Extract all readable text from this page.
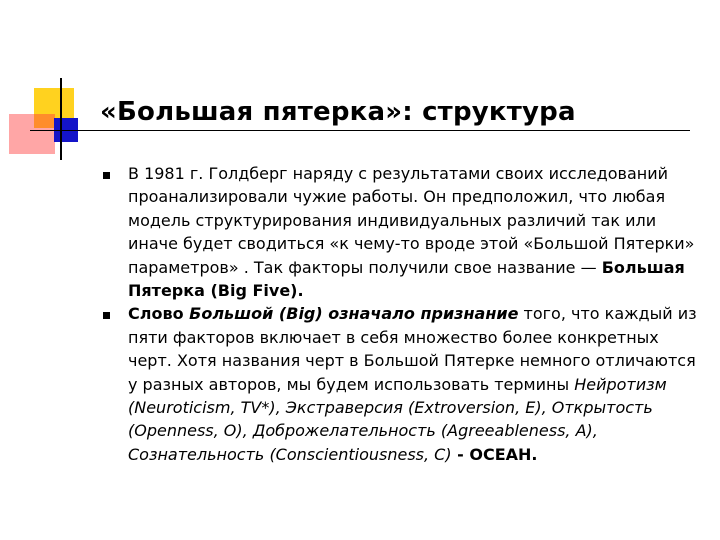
«Большая пятерка»: структура
В 1981 г. Голдберг наряду с результатами своих исследований проанализировали чужие работы. Он предположил, что любая модель структурирования индивидуальных различий так или иначе будет сводиться «к чему-то вроде этой «Большой Пятерки» параметров» . Так факторы получили свое название — Большая Пятерка (Big Five).
Слово Большой (Big) означало признание того, что каждый из пяти факторов включает в себя множество более конкретных черт. Хотя названия черт в Большой Пятерке немного отличаются у разных авторов, мы будем использовать термины Нейротизм (Neuroticism, TV*), Экстраверсия (Extroversion, E), Открытость (Openness, O), Доброжелательность (Agreeableness, A), Сознательность (Conscientiousness, C) - OCEAH.
